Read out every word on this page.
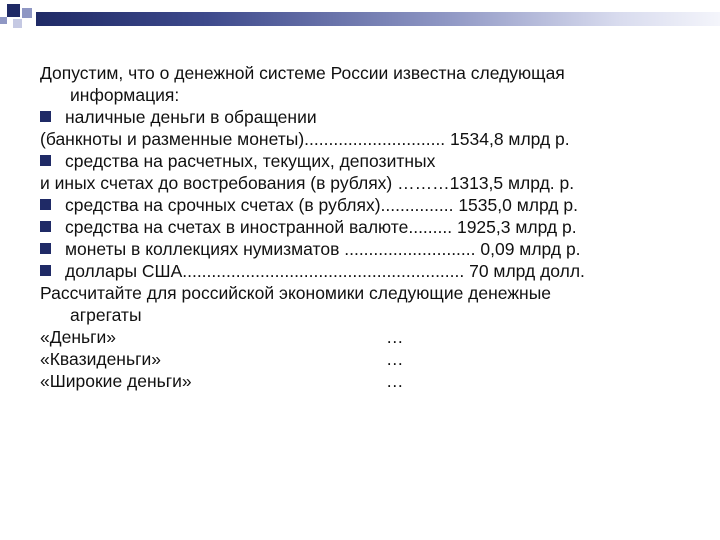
Допустим, что о денежной системе России известна следующая
информация:
наличные деньги в обращении
(банкноты и разменные монеты)............................. 1534,8 млрд р.
средства на расчетных, текущих, депозитных
и иных счетах до востребования (в рублях) ………1313,5 млрд. р.
средства на срочных счетах (в рублях)............... 1535,0 млрд р.
средства на счетах в иностранной валюте......... 1925,3 млрд р.
монеты в коллекциях нумизматов ........................... 0,09 млрд р.
доллары США.......................................................... 70 млрд долл.
Рассчитайте для российской экономики следующие денежные
агрегаты
«Деньги»	…
«Квазиденьги»	…
«Широкие деньги»	…
